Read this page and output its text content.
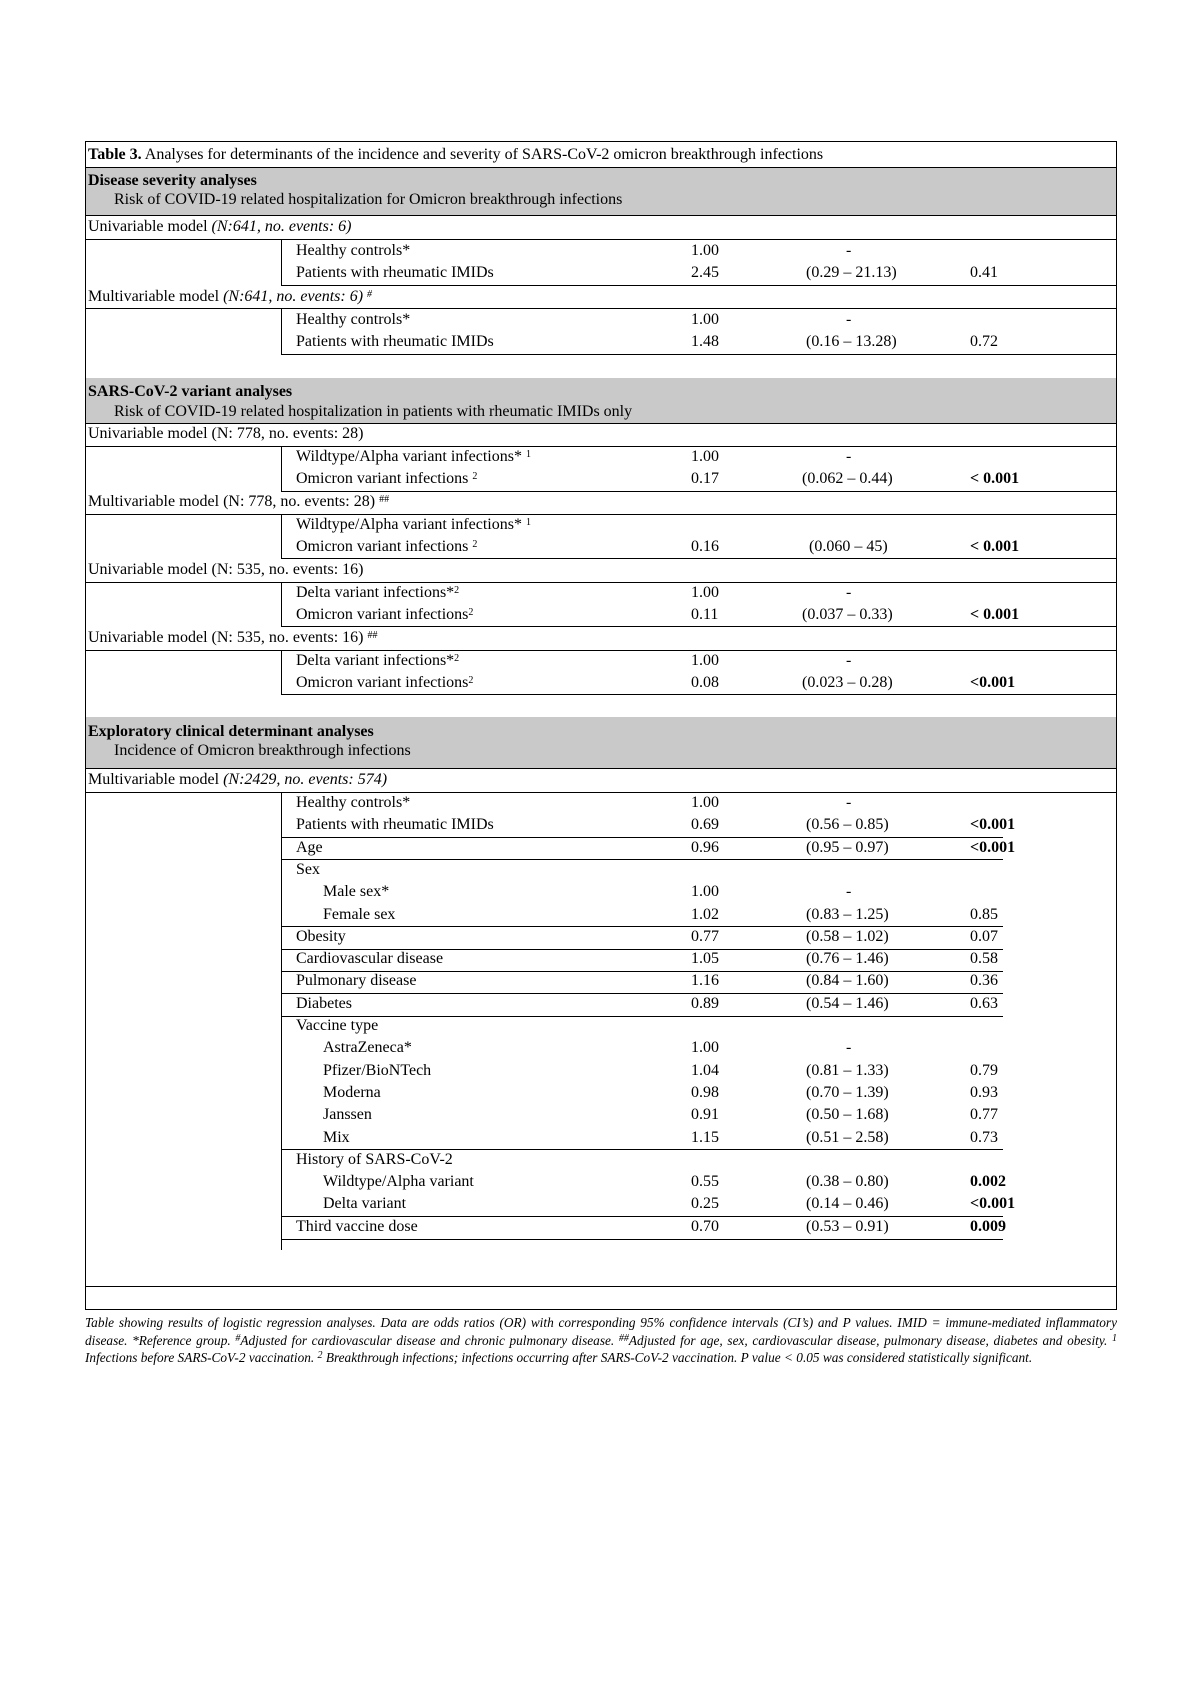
Table 3. Analyses for determinants of the incidence and severity of SARS-CoV-2 omicron breakthrough infections
Disease severity analyses
Risk of COVID-19 related hospitalization for Omicron breakthrough infections
Univariable model (N:641, no. events: 6)
Healthy controls*	1.00	-
Patients with rheumatic IMIDs	2.45	(0.29 – 21.13)	0.41
Multivariable model (N:641, no. events: 6) #
Healthy controls*	1.00	-
Patients with rheumatic IMIDs	1.48	(0.16 – 13.28)	0.72
SARS-CoV-2 variant analyses
Risk of COVID-19 related hospitalization in patients with rheumatic IMIDs only
Univariable model (N: 778, no. events: 28)
Wildtype/Alpha variant infections* $^1$	1.00	-
Omicron variant infections $^2$	0.17	(0.062 – 0.44)	< 0.001
Multivariable model (N: 778, no. events: 28) ##
Wildtype/Alpha variant infections* $^1$
Omicron variant infections $^2$	0.16	(0.060 – 45)	< 0.001
Univariable model (N: 535, no. events: 16)
Delta variant infections*$^2$	1.00	-
Omicron variant infections$^2$	0.11	(0.037 – 0.33)	< 0.001
Univariable model (N: 535, no. events: 16) ##
Delta variant infections*$^2$	1.00	-
Omicron variant infections$^2$	0.08	(0.023 – 0.28)	<0.001
Exploratory clinical determinant analyses
Incidence of Omicron breakthrough infections
Multivariable model (N:2429, no. events: 574)
Healthy controls*	1.00	-
Patients with rheumatic IMIDs	0.69	(0.56 – 0.85)	<0.001
Age	0.96	(0.95 – 0.97)	<0.001
Sex
Male sex*	1.00	-
Female sex	1.02	(0.83 – 1.25)	0.85
Obesity	0.77	(0.58 – 1.02)	0.07
Cardiovascular disease	1.05	(0.76 – 1.46)	0.58
Pulmonary disease	1.16	(0.84 – 1.60)	0.36
Diabetes	0.89	(0.54 – 1.46)	0.63
Vaccine type
AstraZeneca*	1.00	-
Pfizer/BioNTech	1.04	(0.81 – 1.33)	0.79
Moderna	0.98	(0.70 – 1.39)	0.93
Janssen	0.91	(0.50 – 1.68)	0.77
Mix	1.15	(0.51 – 2.58)	0.73
History of SARS-CoV-2
Wildtype/Alpha variant	0.55	(0.38 – 0.80)	0.002
Delta variant	0.25	(0.14 – 0.46)	<0.001
Third vaccine dose	0.70	(0.53 – 0.91)	0.009
Table showing results of logistic regression analyses. Data are odds ratios (OR) with corresponding 95% confidence intervals (CI’s) and P values. IMID = immune-mediated inflammatory disease. *Reference group. #Adjusted for cardiovascular disease and chronic pulmonary disease. ##Adjusted for age, sex, cardiovascular disease, pulmonary disease, diabetes and obesity. $^1$ Infections before SARS-CoV-2 vaccination. $^2$ Breakthrough infections; infections occurring after SARS-CoV-2 vaccination. P value < 0.05 was considered statistically significant.
